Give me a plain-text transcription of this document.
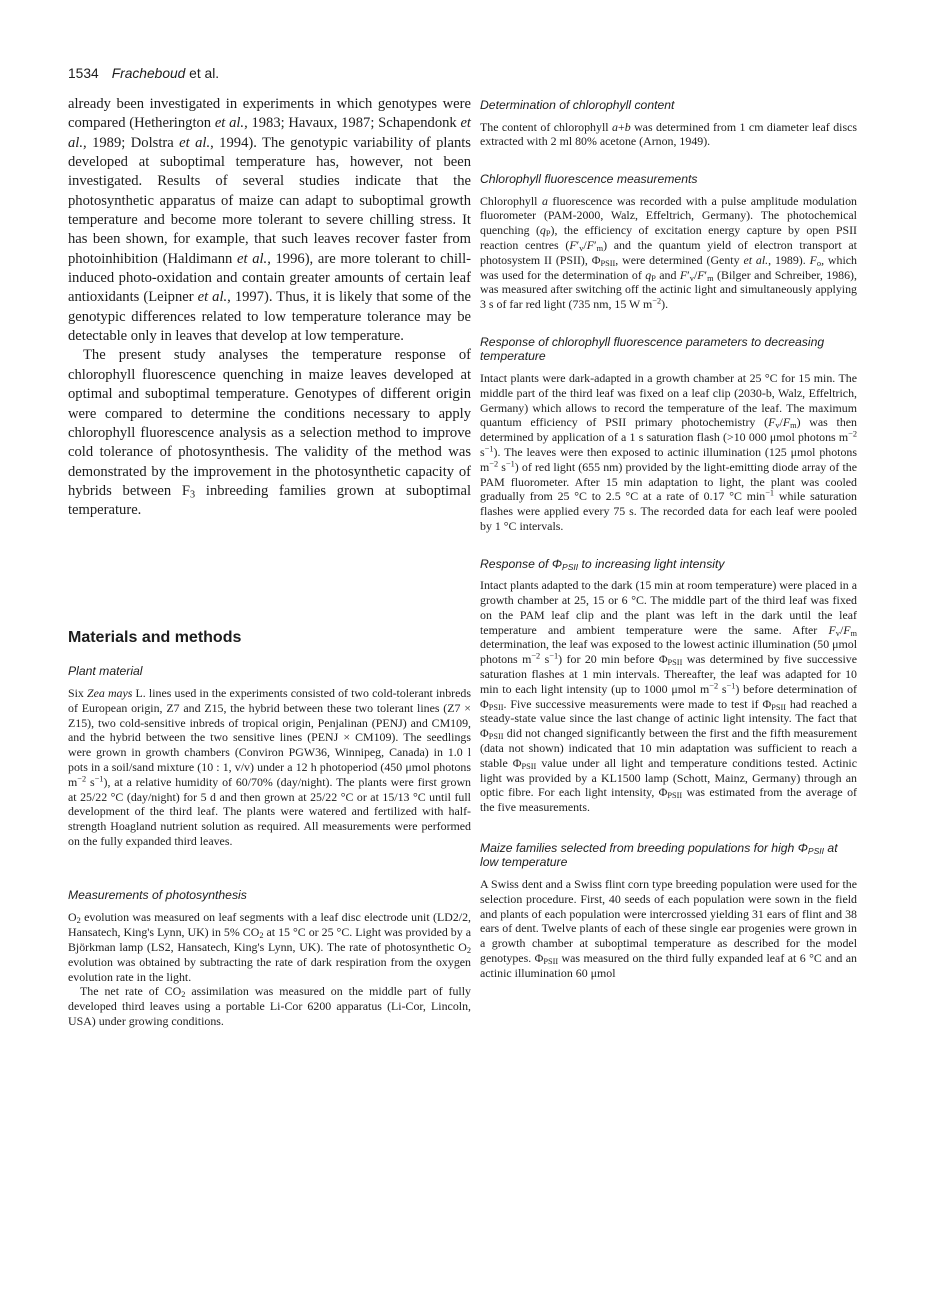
1534 Fracheboud et al.

already been investigated in experiments in which genotypes were compared (Hetherington et al., 1983; Havaux, 1987; Schapendonk et al., 1989; Dolstra et al., 1994). The genotypic variability of plants developed at suboptimal temperature has, however, not been investigated. Results of several studies indicate that the photosynthetic apparatus of maize can adapt to suboptimal growth temperature and become more tolerant to severe chilling stress. It has been shown, for example, that such leaves recover faster from photoinhibition (Haldimann et al., 1996), are more tolerant to chill-induced photo-oxidation and contain greater amounts of certain leaf antioxidants (Leipner et al., 1997). Thus, it is likely that some of the genotypic differences related to low temperature tolerance may be detectable only in leaves that develop at low temperature.

The present study analyses the temperature response of chlorophyll fluorescence quenching in maize leaves developed at optimal and suboptimal temperature. Genotypes of different origin were compared to determine the conditions necessary to apply chlorophyll fluorescence analysis as a selection method to improve cold tolerance of photosynthesis. The validity of the method was demonstrated by the improvement in the photosynthetic capacity of hybrids between $F_3$ inbreeding families grown at suboptimal temperature.

Materials and methods
Plant material

Six Zea mays L. lines used in the experiments consisted of two cold-tolerant inbreds of European origin, Z7 and Z15, the hybrid between these two tolerant lines (Z7 × Z15), two cold-sensitive inbreds of tropical origin, Penjalinan (PENJ) and CM109, and the hybrid between the two sensitive lines (PENJ × CM109). The seedlings were grown in growth chambers (Conviron PGW36, Winnipeg, Canada) in 1.0 l pots in a soil/sand mixture (10 : 1, v/v) under a 12 h photoperiod (450 μmol photons $m^{-2}$ $s^{-1}$), at a relative humidity of 60/70% (day/night). The plants were first grown at 25/22 °C (day/night) for 5 d and then grown at 25/22 °C or at 15/13 °C until full development of the third leaf. The plants were watered and fertilized with half-strength Hoagland nutrient solution as required. All measurements were performed on the fully expanded third leaves.

Measurements of photosynthesis

$O_2$ evolution was measured on leaf segments with a leaf disc electrode unit (LD2/2, Hansatech, King's Lynn, UK) in 5% $CO_2$ at 15 °C or 25 °C. Light was provided by a Björkman lamp (LS2, Hansatech, King's Lynn, UK). The rate of photosynthetic $O_2$ evolution was obtained by subtracting the rate of dark respiration from the oxygen evolution rate in the light.

The net rate of $CO_2$ assimilation was measured on the middle part of fully developed third leaves using a portable Li-Cor 6200 apparatus (Li-Cor, Lincoln, USA) under growing conditions.

Determination of chlorophyll content

The content of chlorophyll a+b was determined from 1 cm diameter leaf discs extracted with 2 ml 80% acetone (Arnon, 1949).

Chlorophyll fluorescence measurements

Chlorophyll a fluorescence was recorded with a pulse amplitude modulation fluorometer (PAM-2000, Walz, Effeltrich, Germany). The photochemical quenching $(q_P)$, the efficiency of excitation energy capture by open PSII reaction centres $(F'_v/F'_m)$ and the quantum yield of electron transport at photosystem II (PSII), $\Phi_{PSII}$, were determined (Genty et al., 1989). $F_o$, which was used for the determination of $q_P$ and $F'_v/F'_m$ (Bilger and Schreiber, 1986), was measured after switching off the actinic light and simultaneously applying 3 s of far red light (735 nm, 15 W $m^{-2}$).

Response of chlorophyll fluorescence parameters to decreasing temperature

Intact plants were dark-adapted in a growth chamber at 25 °C for 15 min. The middle part of the third leaf was fixed on a leaf clip (2030-b, Walz, Effeltrich, Germany) which allows to record the temperature of the leaf. The maximum quantum efficiency of PSII primary photochemistry $(F_v/F_m)$ was then determined by application of a 1 s saturation flash (>10 000 μmol photons $m^{-2}$ $s^{-1}$). The leaves were then exposed to actinic illumination (125 μmol photons $m^{-2}$ $s^{-1}$) of red light (655 nm) provided by the light-emitting diode array of the PAM fluorometer. After 15 min adaptation to light, the plant was cooled gradually from 25 °C to 2.5 °C at a rate of 0.17 °C $\min^{-1}$ while saturation flashes were applied every 75 s. The recorded data for each leaf were pooled by 1 °C intervals.

Response of $\Phi_{PSII}$ to increasing light intensity

Intact plants adapted to the dark (15 min at room temperature) were placed in a growth chamber at 25, 15 or 6 °C. The middle part of the third leaf was fixed on the PAM leaf clip and the plant was left in the dark until the leaf temperature and ambient temperature were the same. After $F_v/F_m$ determination, the leaf was exposed to the lowest actinic illumination (50 μmol photons $m^{-2}$ $s^{-1}$) for 20 min before $\Phi_{PSII}$ was determined by five successive saturation flashes at 1 min intervals. Thereafter, the leaf was adapted for 10 min to each light intensity (up to 1000 μmol $m^{-2}$ $s^{-1}$) before determination of $\Phi_{PSII}$. Five successive measurements were made to test if $\Phi_{PSII}$ had reached a steady-state value since the last change of actinic light intensity. The fact that $\Phi_{PSII}$ did not changed significantly between the first and the fifth measurement (data not shown) indicated that 10 min adaptation was sufficient to reach a stable $\Phi_{PSII}$ value under all light and temperature conditions tested. Actinic light was provided by a KL1500 lamp (Schott, Mainz, Germany) through an optic fibre. For each light intensity, $\Phi_{PSII}$ was estimated from the average of the five measurements.

Maize families selected from breeding populations for high $\Phi_{PSII}$ at low temperature

A Swiss dent and a Swiss flint corn type breeding population were used for the selection procedure. First, 40 seeds of each population were sown in the field and plants of each population were intercrossed yielding 31 ears of flint and 38 ears of dent. Twelve plants of each of these single ear progenies were grown in a growth chamber at suboptimal temperature as described for the model genotypes. $\Phi_{PSII}$ was measured on the third fully expanded leaf at 6 °C and an actinic illumination 60 μmol
